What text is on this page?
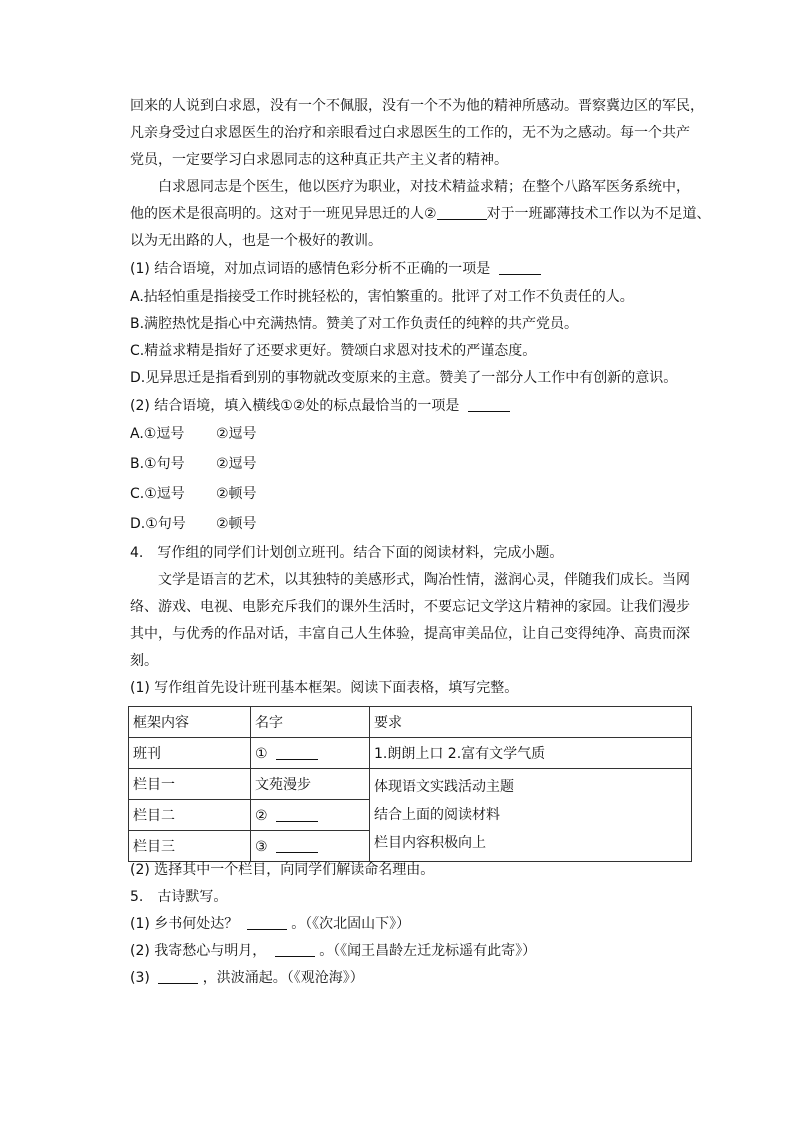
回来的人说到白求恩，没有一个不佩服，没有一个不为他的精神所感动。晋察冀边区的军民，
凡亲身受过白求恩医生的治疗和亲眼看过白求恩医生的工作的，无不为之感动。每一个共产
党员，一定要学习白求恩同志的这种真正共产主义者的精神。
白求恩同志是个医生，他以医疗为职业，对技术精益求精；在整个八路军医务系统中，
他的医术是很高明的。这对于一班见异思迁的人②	对于一班鄙薄技术工作以为不足道、
以为无出路的人，也是一个极好的教训。
(1) 结合语境，对加点词语的感情色彩分析不正确的一项是
A.拈轻怕重是指接受工作时挑轻松的，害怕繁重的。批评了对工作不负责任的人。
B.满腔热忱是指心中充满热情。赞美了对工作负责任的纯粹的共产党员。
C.精益求精是指好了还要求更好。赞颂白求恩对技术的严谨态度。
D.见异思迁是指看到别的事物就改变原来的主意。赞美了一部分人工作中有创新的意识。
(2) 结合语境，填入横线①②处的标点最恰当的一项是
A.①逗号 ②逗号
B.①句号 ②逗号
C.①逗号 ②顿号
D.①句号 ②顿号
4.　写作组的同学们计划创立班刊。结合下面的阅读材料，完成小题。
文学是语言的艺术，以其独特的美感形式，陶冶性情，滋润心灵，伴随我们成长。当网
络、游戏、电视、电影充斥我们的课外生活时，不要忘记文学这片精神的家园。让我们漫步
其中，与优秀的作品对话，丰富自己人生体验，提高审美品位，让自己变得纯净、高贵而深
刻。
(1) 写作组首先设计班刊基本框架。阅读下面表格，填写完整。
框架内容	名字	要求
班刊	①	1.朗朗上口 2.富有文学气质
栏目一	文苑漫步	体现语文实践活动主题
结合上面的阅读材料
栏目内容积极向上

栏目二	②	
栏目三	③	
(2) 选择其中一个栏目，向同学们解读命名理由。
5.　古诗默写。
(1) 乡书何处达？	。（《次北固山下》）
(2) 我寄愁心与明月，	。（《闻王昌龄左迁龙标遥有此寄》）
(3)	，洪波涌起。（《观沧海》）
